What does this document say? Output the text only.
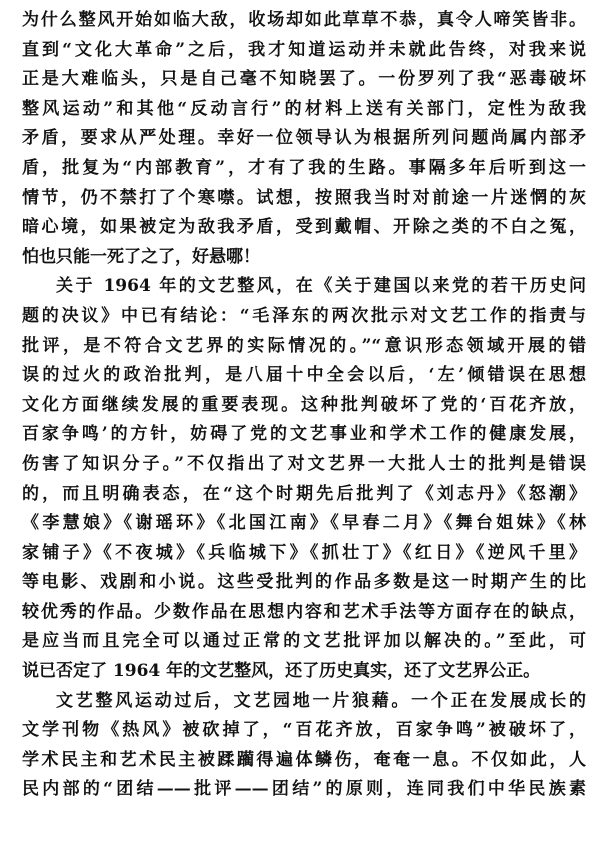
为什么整风开始如临大敌，收场却如此草草不恭，真令人啼笑皆非。
直到“文化大革命”之后，我才知道运动并未就此告终，对我来说
正是大难临头，只是自己毫不知晓罢了。一份罗列了我“恶毒破坏
整风运动”和其他“反动言行”的材料上送有关部门，定性为敌我
矛盾，要求从严处理。幸好一位领导认为根据所列问题尚属内部矛
盾，批复为“内部教育”，才有了我的生路。事隔多年后听到这一
情节，仍不禁打了个寒噤。试想，按照我当时对前途一片迷惘的灰
暗心境，如果被定为敌我矛盾，受到戴帽、开除之类的不白之冤，
怕也只能一死了之了，好悬哪！
关于 1964 年的文艺整风，在《关于建国以来党的若干历史问
题的决议》中已有结论：“毛泽东的两次批示对文艺工作的指责与
批评，是不符合文艺界的实际情况的。”“意识形态领域开展的错
误的过火的政治批判，是八届十中全会以后，‘左’倾错误在思想
文化方面继续发展的重要表现。这种批判破坏了党的‘百花齐放，
百家争鸣’的方针，妨碍了党的文艺事业和学术工作的健康发展，
伤害了知识分子。”不仅指出了对文艺界一大批人士的批判是错误
的，而且明确表态，在“这个时期先后批判了《刘志丹》《怒潮》
《李慧娘》《谢瑶环》《北国江南》《早春二月》《舞台姐妹》《林
家铺子》《不夜城》《兵临城下》《抓壮丁》《红日》《逆风千里》
等电影、戏剧和小说。这些受批判的作品多数是这一时期产生的比
较优秀的作品。少数作品在思想内容和艺术手法等方面存在的缺点，
是应当而且完全可以通过正常的文艺批评加以解决的。”至此，可
说已否定了 1964 年的文艺整风，还了历史真实，还了文艺界公正。
文艺整风运动过后，文艺园地一片狼藉。一个正在发展成长的
文学刊物《热风》被砍掉了，“百花齐放，百家争鸣”被破坏了，
学术民主和艺术民主被蹂躏得遍体鳞伤，奄奄一息。不仅如此，人
民内部的“团结——批评——团结”的原则，连同我们中华民族素
